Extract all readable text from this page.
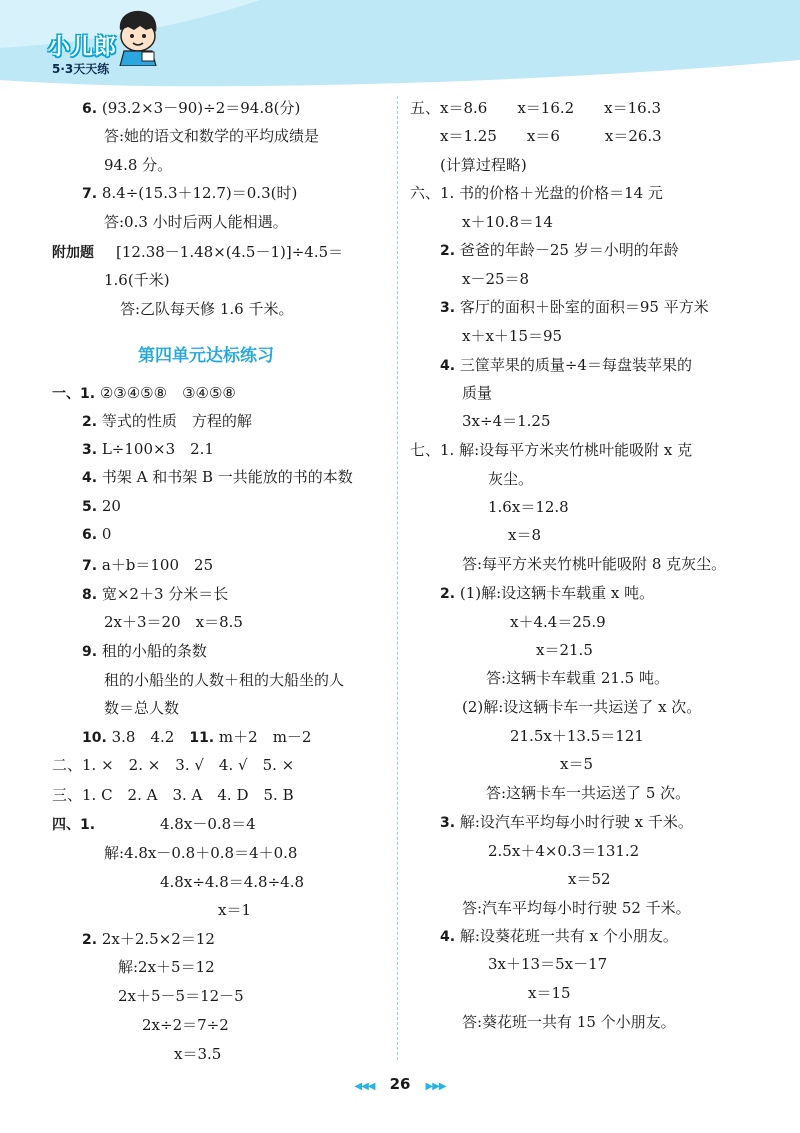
小儿郎
5·3天天练
6. (93.2×3－90)÷2＝94.8(分)
答:她的语文和数学的平均成绩是
94.8 分。
7. 8.4÷(15.3＋12.7)＝0.3(时)
答:0.3 小时后两人能相遇。
附加题 [12.38－1.48×(4.5－1)]÷4.5＝
1.6(千米)
答:乙队每天修 1.6 千米。
第四单元达标练习
一、1. ②③④⑤⑧　③④⑤⑧
2. 等式的性质　方程的解
3. L÷100×3　2.1
4. 书架 A 和书架 B 一共能放的书的本数
5. 20
6. 0
7. a＋b＝100　25
8. 宽×2＋3 分米＝长
2x＋3＝20　x＝8.5
9. 租的小船的条数
租的小船坐的人数＋租的大船坐的人
数＝总人数
10. 3.8　4.2　 11. m＋2　m－2
二、1. ×　2. ×　3. √　4. √　5. ×
三、1. C　2. A　3. A　4. D　5. B
四、1.	4.8x－0.8＝4
解:4.8x－0.8＋0.8＝4＋0.8
4.8x÷4.8＝4.8÷4.8
x＝1
2. 2x＋2.5×2＝12
解:2x＋5＝12
2x＋5－5＝12－5
2x÷2＝7÷2
x＝3.5
五、x＝8.6　　x＝16.2　　x＝16.3
x＝1.25　　x＝6　　　x＝26.3
(计算过程略)
六、1. 书的价格＋光盘的价格＝14 元
x＋10.8＝14
2. 爸爸的年龄－25 岁＝小明的年龄
x－25＝8
3. 客厅的面积＋卧室的面积＝95 平方米
x＋x＋15＝95
4. 三筐苹果的质量÷4＝每盘装苹果的
质量
3x÷4＝1.25
七、1. 解:设每平方米夹竹桃叶能吸附 x 克
灰尘。
1.6x＝12.8
x＝8
答:每平方米夹竹桃叶能吸附 8 克灰尘。
2. (1)解:设这辆卡车载重 x 吨。
x＋4.4＝25.9
x＝21.5
答:这辆卡车载重 21.5 吨。
(2)解:设这辆卡车一共运送了 x 次。
21.5x＋13.5＝121
x＝5
答:这辆卡车一共运送了 5 次。
3. 解:设汽车平均每小时行驶 x 千米。
2.5x＋4×0.3＝131.2
x＝52
答:汽车平均每小时行驶 52 千米。
4. 解:设葵花班一共有 x 个小朋友。
3x＋13＝5x－17
x＝15
答:葵花班一共有 15 个小朋友。
◀◀◀ 26 ▶▶▶
